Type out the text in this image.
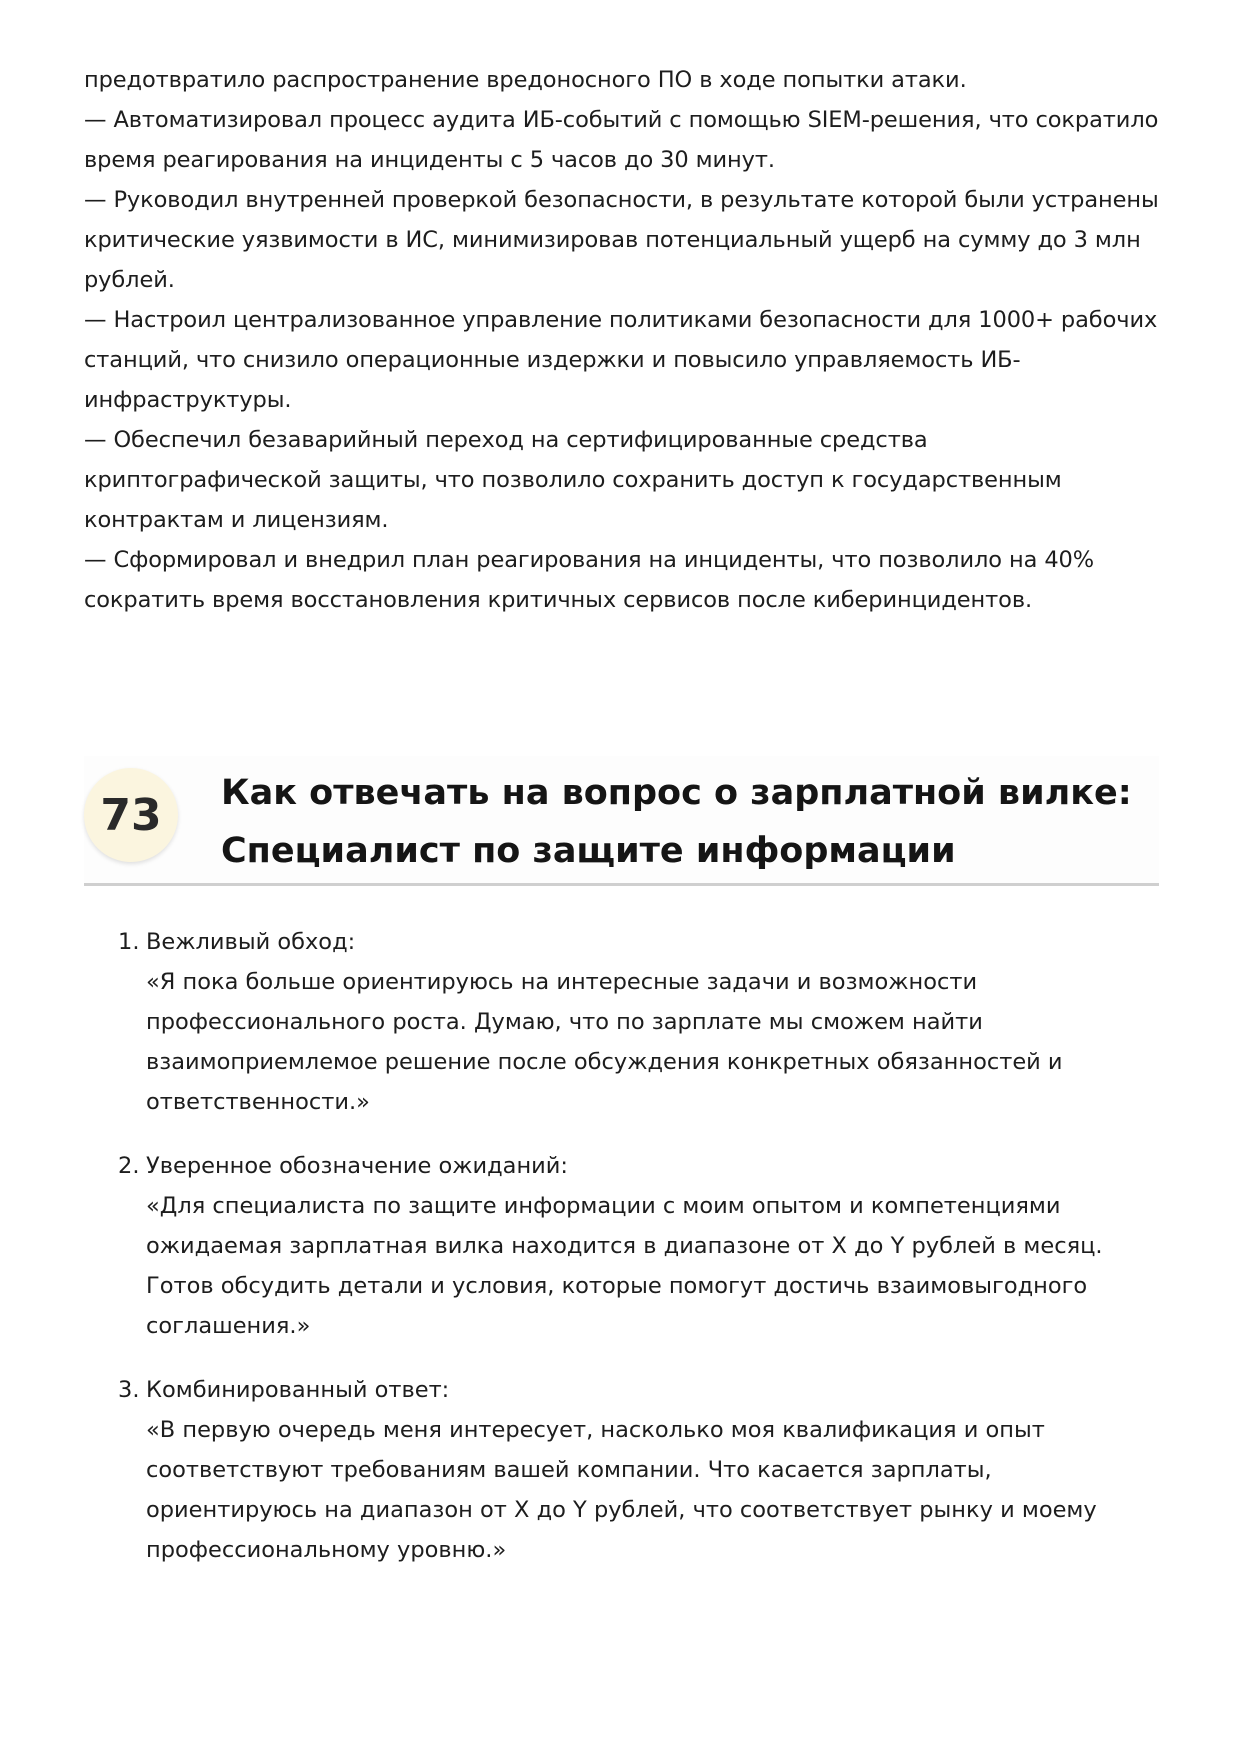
предотвратило распространение вредоносного ПО в ходе попытки атаки.

— Автоматизировал процесс аудита ИБ-событий с помощью SIEM-решения, что сократило время реагирования на инциденты с 5 часов до 30 минут.

— Руководил внутренней проверкой безопасности, в результате которой были устранены критические уязвимости в ИС, минимизировав потенциальный ущерб на сумму до 3 млн рублей.

— Настроил централизованное управление политиками безопасности для 1000+ рабочих станций, что снизило операционные издержки и повысило управляемость ИБ-инфраструктуры.

— Обеспечил безаварийный переход на сертифицированные средства криптографической защиты, что позволило сохранить доступ к государственным контрактам и лицензиям.

— Сформировал и внедрил план реагирования на инциденты, что позволило на 40% сократить время восстановления критичных сервисов после киберинцидентов.

73	Как отвечать на вопрос о зарплатной вилке:
Специалист по защите информации
1. Вежливый обход:
«Я пока больше ориентируюсь на интересные задачи и возможности профессионального роста. Думаю, что по зарплате мы сможем найти взаимоприемлемое решение после обсуждения конкретных обязанностей и ответственности.»
2. Уверенное обозначение ожиданий:
«Для специалиста по защите информации с моим опытом и компетенциями ожидаемая зарплатная вилка находится в диапазоне от X до Y рублей в месяц. Готов обсудить детали и условия, которые помогут достичь взаимовыгодного соглашения.»
3. Комбинированный ответ:
«В первую очередь меня интересует, насколько моя квалификация и опыт соответствуют требованиям вашей компании. Что касается зарплаты, ориентируюсь на диапазон от X до Y рублей, что соответствует рынку и моему профессиональному уровню.»
